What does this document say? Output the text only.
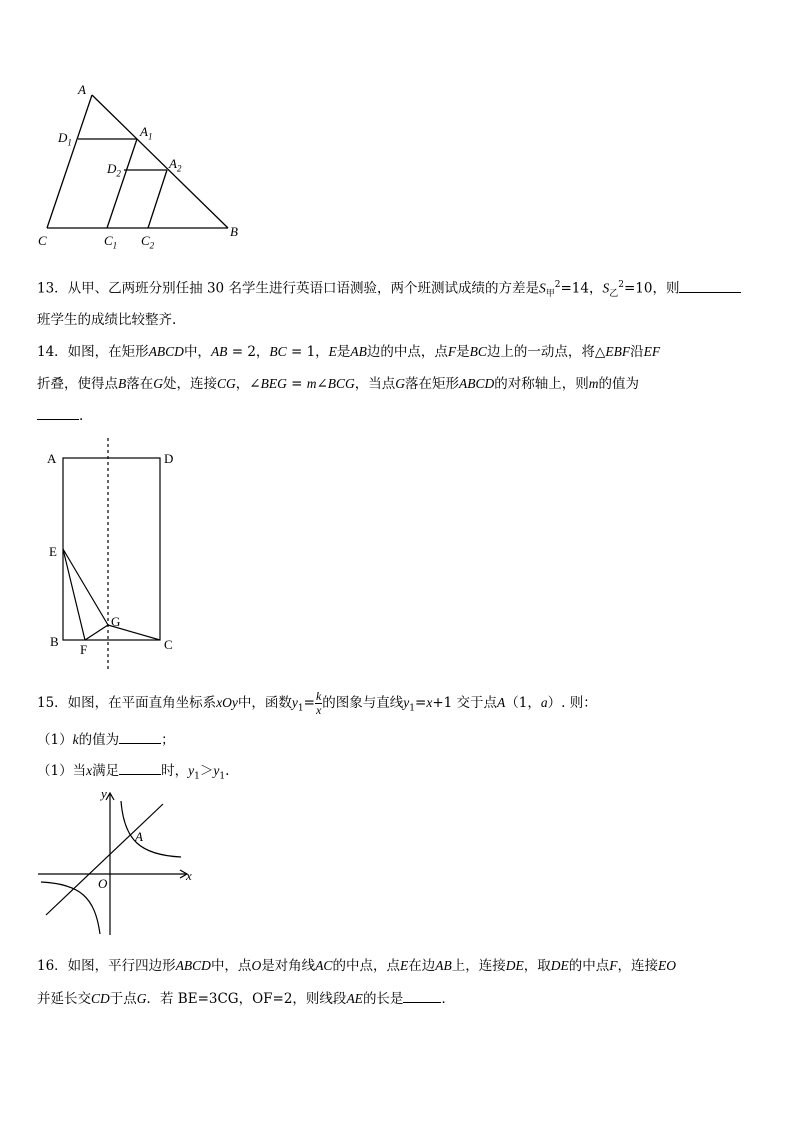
A
$D_1$
$A_1$
$D_2$
$A_2$
C	$C_1$ $C_2$
B
13．从甲、乙两班分别任抽 30 名学生进行英语口语测验，两个班测试成绩的方差是$S_甲^2=14$，$S_乙^2=10$，则
班学生的成绩比较整齐.
14．如图，在矩形ABCD中，AB = 2，BC = 1，E是AB边的中点，点F是BC边上的一动点，将△EBF沿EF
折叠，使得点B落在G处，连接CG，∠BEG = m∠BCG，当点G落在矩形ABCD的对称轴上，则m的值为
.
A	D
E
B
F
G
C
15．如图，在平面直角坐标系xOy中，函数$y_1= \frac{k}{x}$ 的图象与直线$y_1=x+1$ 交于点A（1，a）. 则：
（1）k的值为	；
（1）当x满足	时，$y_1>y_1$.
y
x
O
A
16．如图，平行四边形ABCD中，点O是对角线AC的中点，点E在边AB上，连接DE，取DE的中点F，连接EO
并延长交CD于点G．若 BE=3CG，OF=2，则线段AE的长是	．
